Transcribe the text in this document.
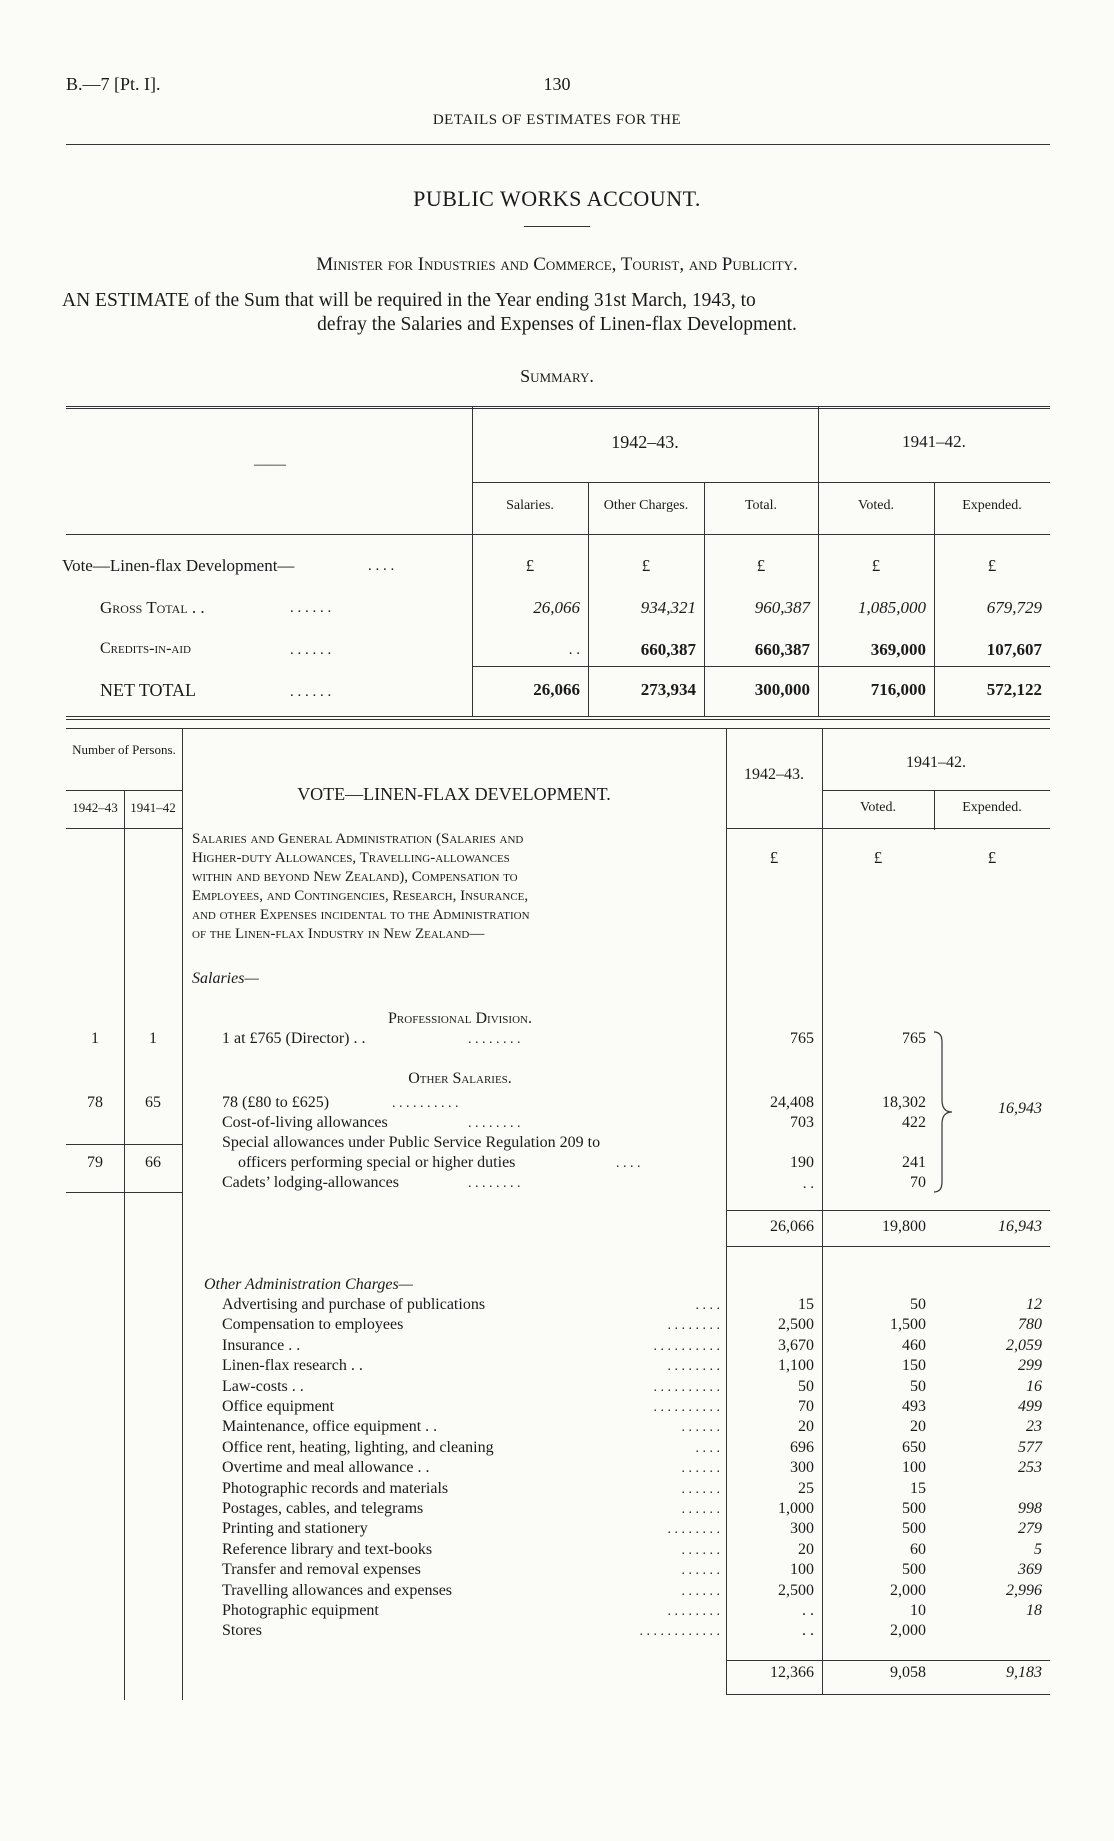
B.—7 [Pt. I].	130
DETAILS OF ESTIMATES FOR THE
PUBLIC WORKS ACCOUNT.
Minister for Industries and Commerce, Tourist, and Publicity.
AN ESTIMATE of the Sum that will be required in the Year ending 31st March, 1943, to
defray the Salaries and Expenses of Linen-flax Development.
Summary.
——
1942–43.	1941–42.
Salaries.	Other Charges.	Total.	Voted.	Expended.
£	£	£	£	£
Vote—Linen-flax Development—	. . . .
Gross Total . .	. . . . . .	26,066	934,321	960,387	1,085,000	679,729
Credits-in-aid	. . . . . .	. .	660,387	660,387	369,000	107,607
NET TOTAL	. . . . . .	26,066	273,934	300,000	716,000	572,122
Number of Persons.
1942–43 1941–42
VOTE—LINEN-FLAX DEVELOPMENT.
1942–43.
1941–42.
Voted.	Expended.
Salaries and General Administration (Salaries and
Higher-duty Allowances, Travelling-allowances
within and beyond New Zealand), Compensation to
Employees, and Contingencies, Research, Insurance,
and other Expenses incidental to the Administration
of the Linen-flax Industry in New Zealand—
£	£	£
Salaries—
Professional Division.
1	1	1 at £765 (Director) . .	. . . . . . . .	765	765
Other Salaries.
78	65	78 (£80 to £625)	. . . . . . . . . .	24,408	18,302
Cost-of-living allowances	. . . . . . . .	703	422
Special allowances under Public Service Regulation 209 to
79	66	officers performing special or higher duties	. . . .	190	241
Cadets’ lodging-allowances	. . . . . . . .	. .	70
16,943
26,066	19,800	16,943
Other Administration Charges—
Advertising and purchase of publications	. . . .	15	50	12
Compensation to employees	. . . . . . . .	2,500	1,500	780
Insurance . .	. . . . . . . . . .	3,670	460	2,059
Linen-flax research . .	. . . . . . . .	1,100	150	299
Law-costs . .	. . . . . . . . . .	50	50	16
Office equipment	. . . . . . . . . .	70	493	499
Maintenance, office equipment . .	. . . . . .	20	20	23
Office rent, heating, lighting, and cleaning	. . . .	696	650	577
Overtime and meal allowance . .	. . . . . .	300	100	253
Photographic records and materials	. . . . . .	25	15
Postages, cables, and telegrams	. . . . . .	1,000	500	998
Printing and stationery	. . . . . . . .	300	500	279
Reference library and text-books	. . . . . .	20	60	5
Transfer and removal expenses	. . . . . .	100	500	369
Travelling allowances and expenses	. . . . . .	2,500	2,000	2,996
Photographic equipment	. . . . . . . .	. .	10	18
Stores	. . . . . . . . . . . .	. .	2,000
12,366	9,058	9,183
